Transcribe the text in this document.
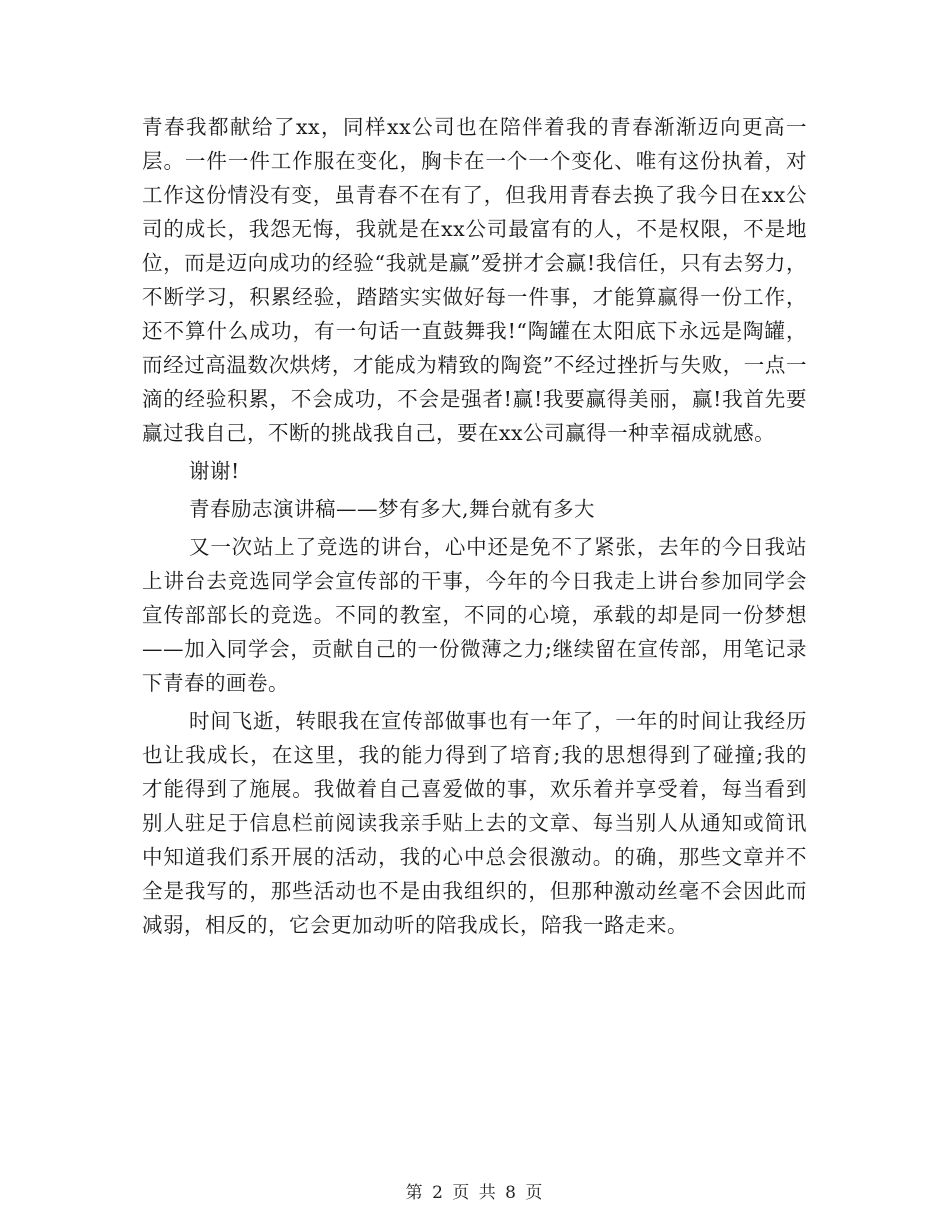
青春我都献给了xx，同样xx公司也在陪伴着我的青春渐渐迈向更高一层。一件一件工作服在变化，胸卡在一个一个变化、唯有这份执着，对工作这份情没有变，虽青春不在有了，但我用青春去换了我今日在xx公司的成长，我怨无悔，我就是在xx公司最富有的人，不是权限，不是地位，而是迈向成功的经验“我就是赢”爱拼才会赢!我信任，只有去努力，不断学习，积累经验，踏踏实实做好每一件事，才能算赢得一份工作，还不算什么成功，有一句话一直鼓舞我!“陶罐在太阳底下永远是陶罐，而经过高温数次烘烤，才能成为精致的陶瓷”不经过挫折与失败，一点一滴的经验积累，不会成功，不会是强者!赢!我要赢得美丽，赢!我首先要赢过我自己，不断的挑战我自己，要在xx公司赢得一种幸福成就感。

谢谢!

青春励志演讲稿——梦有多大,舞台就有多大

又一次站上了竞选的讲台，心中还是免不了紧张，去年的今日我站上讲台去竞选同学会宣传部的干事，今年的今日我走上讲台参加同学会宣传部部长的竞选。不同的教室，不同的心境，承载的却是同一份梦想——加入同学会，贡献自己的一份微薄之力;继续留在宣传部，用笔记录下青春的画卷。

时间飞逝，转眼我在宣传部做事也有一年了，一年的时间让我经历也让我成长，在这里，我的能力得到了培育;我的思想得到了碰撞;我的才能得到了施展。我做着自己喜爱做的事，欢乐着并享受着，每当看到别人驻足于信息栏前阅读我亲手贴上去的文章、每当别人从通知或简讯中知道我们系开展的活动，我的心中总会很激动。的确，那些文章并不全是我写的，那些活动也不是由我组织的，但那种激动丝毫不会因此而减弱，相反的，它会更加动听的陪我成长，陪我一路走来。

第 2 页 共 8 页
